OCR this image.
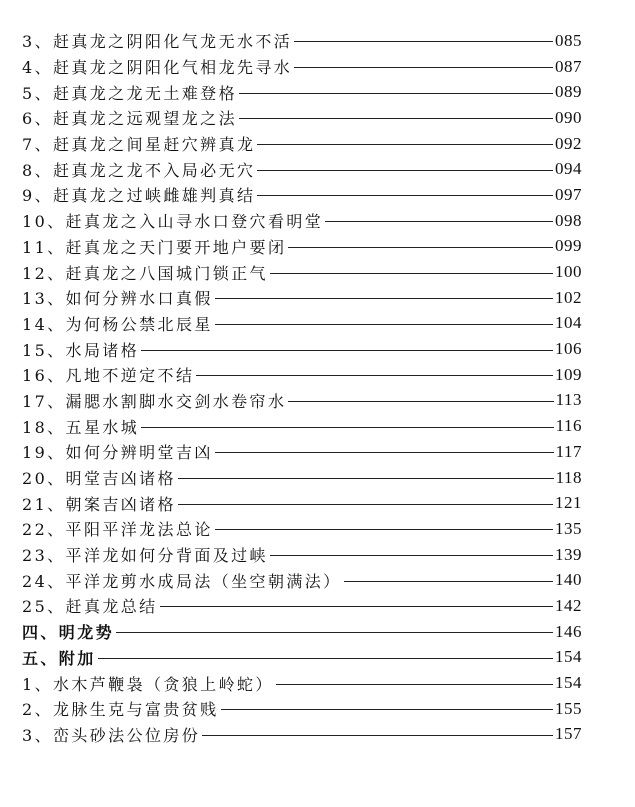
3、赶真龙之阴阳化气龙无水不活	085
4、赶真龙之阴阳化气相龙先寻水	087
5、赶真龙之龙无土难登格	089
6、赶真龙之远观望龙之法	090
7、赶真龙之间星赶穴辨真龙	092
8、赶真龙之龙不入局必无穴	094
9、赶真龙之过峡雌雄判真结	097
10、赶真龙之入山寻水口登穴看明堂	098
11、赶真龙之天门要开地户要闭	099
12、赶真龙之八国城门锁正气	100
13、如何分辨水口真假	102
14、为何杨公禁北辰星	104
15、水局诸格	106
16、凡地不逆定不结	109
17、漏腮水割脚水交剑水卷帘水	113
18、五星水城	116
19、如何分辨明堂吉凶	117
20、明堂吉凶诸格	118
21、朝案吉凶诸格	121
22、平阳平洋龙法总论	135
23、平洋龙如何分背面及过峡	139
24、平洋龙剪水成局法（坐空朝满法）	140
25、赶真龙总结	142
四、明龙势	146
五、附加	154
1、水木芦鞭袅（贪狼上岭蛇）	154
2、龙脉生克与富贵贫贱	155
3、峦头砂法公位房份	157
